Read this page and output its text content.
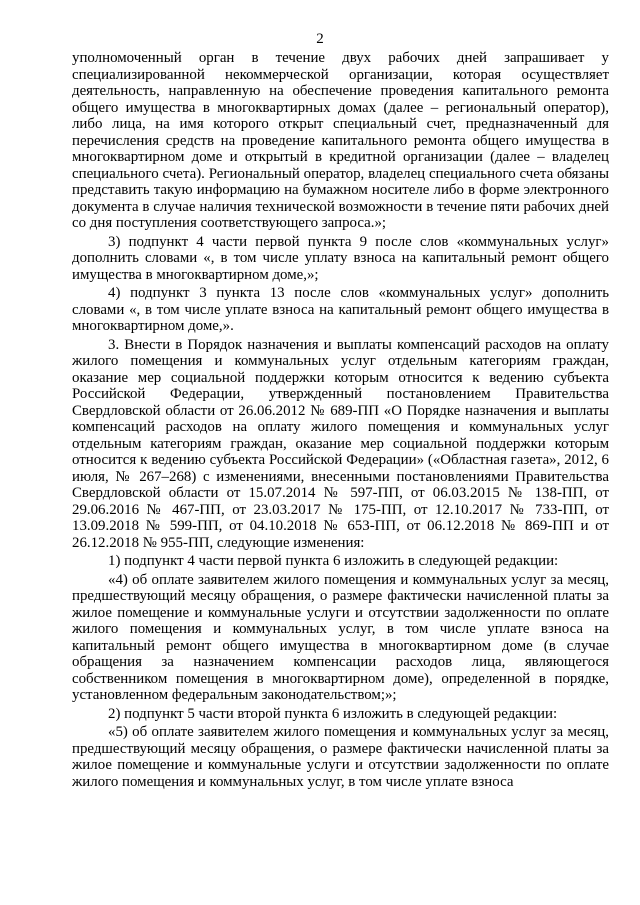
2

уполномоченный орган в течение двух рабочих дней запрашивает у специализированной некоммерческой организации, которая осуществляет деятельность, направленную на обеспечение проведения капитального ремонта общего имущества в многоквартирных домах (далее – региональный оператор), либо лица, на имя которого открыт специальный счет, предназначенный для перечисления средств на проведение капитального ремонта общего имущества в многоквартирном доме и открытый в кредитной организации (далее – владелец специального счета). Региональный оператор, владелец специального счета обязаны представить такую информацию на бумажном носителе либо в форме электронного документа в случае наличия технической возможности в течение пяти рабочих дней со дня поступления соответствующего запроса.»;

3) подпункт 4 части первой пункта 9 после слов «коммунальных услуг» дополнить словами «, в том числе уплату взноса на капитальный ремонт общего имущества в многоквартирном доме,»;

4) подпункт 3 пункта 13 после слов «коммунальных услуг» дополнить словами «, в том числе уплате взноса на капитальный ремонт общего имущества в многоквартирном доме,».

3. Внести в Порядок назначения и выплаты компенсаций расходов на оплату жилого помещения и коммунальных услуг отдельным категориям граждан, оказание мер социальной поддержки которым относится к ведению субъекта Российской Федерации, утвержденный постановлением Правительства Свердловской области от 26.06.2012 № 689-ПП «О Порядке назначения и выплаты компенсаций расходов на оплату жилого помещения и коммунальных услуг отдельным категориям граждан, оказание мер социальной поддержки которым относится к ведению субъекта Российской Федерации» («Областная газета», 2012, 6 июля, № 267–268) с изменениями, внесенными постановлениями Правительства Свердловской области от 15.07.2014 № 597-ПП, от 06.03.2015 № 138-ПП, от 29.06.2016 № 467-ПП, от 23.03.2017 № 175-ПП, от 12.10.2017 № 733-ПП, от 13.09.2018 № 599-ПП, от 04.10.2018 № 653-ПП, от 06.12.2018 № 869-ПП и от 26.12.2018 № 955-ПП, следующие изменения:

1) подпункт 4 части первой пункта 6 изложить в следующей редакции:

«4) об оплате заявителем жилого помещения и коммунальных услуг за месяц, предшествующий месяцу обращения, о размере фактически начисленной платы за жилое помещение и коммунальные услуги и отсутствии задолженности по оплате жилого помещения и коммунальных услуг, в том числе уплате взноса на капитальный ремонт общего имущества в многоквартирном доме (в случае обращения за назначением компенсации расходов лица, являющегося собственником помещения в многоквартирном доме), определенной в порядке, установленном федеральным законодательством;»;

2) подпункт 5 части второй пункта 6 изложить в следующей редакции:

«5) об оплате заявителем жилого помещения и коммунальных услуг за месяц, предшествующий месяцу обращения, о размере фактически начисленной платы за жилое помещение и коммунальные услуги и отсутствии задолженности по оплате жилого помещения и коммунальных услуг, в том числе уплате взноса
